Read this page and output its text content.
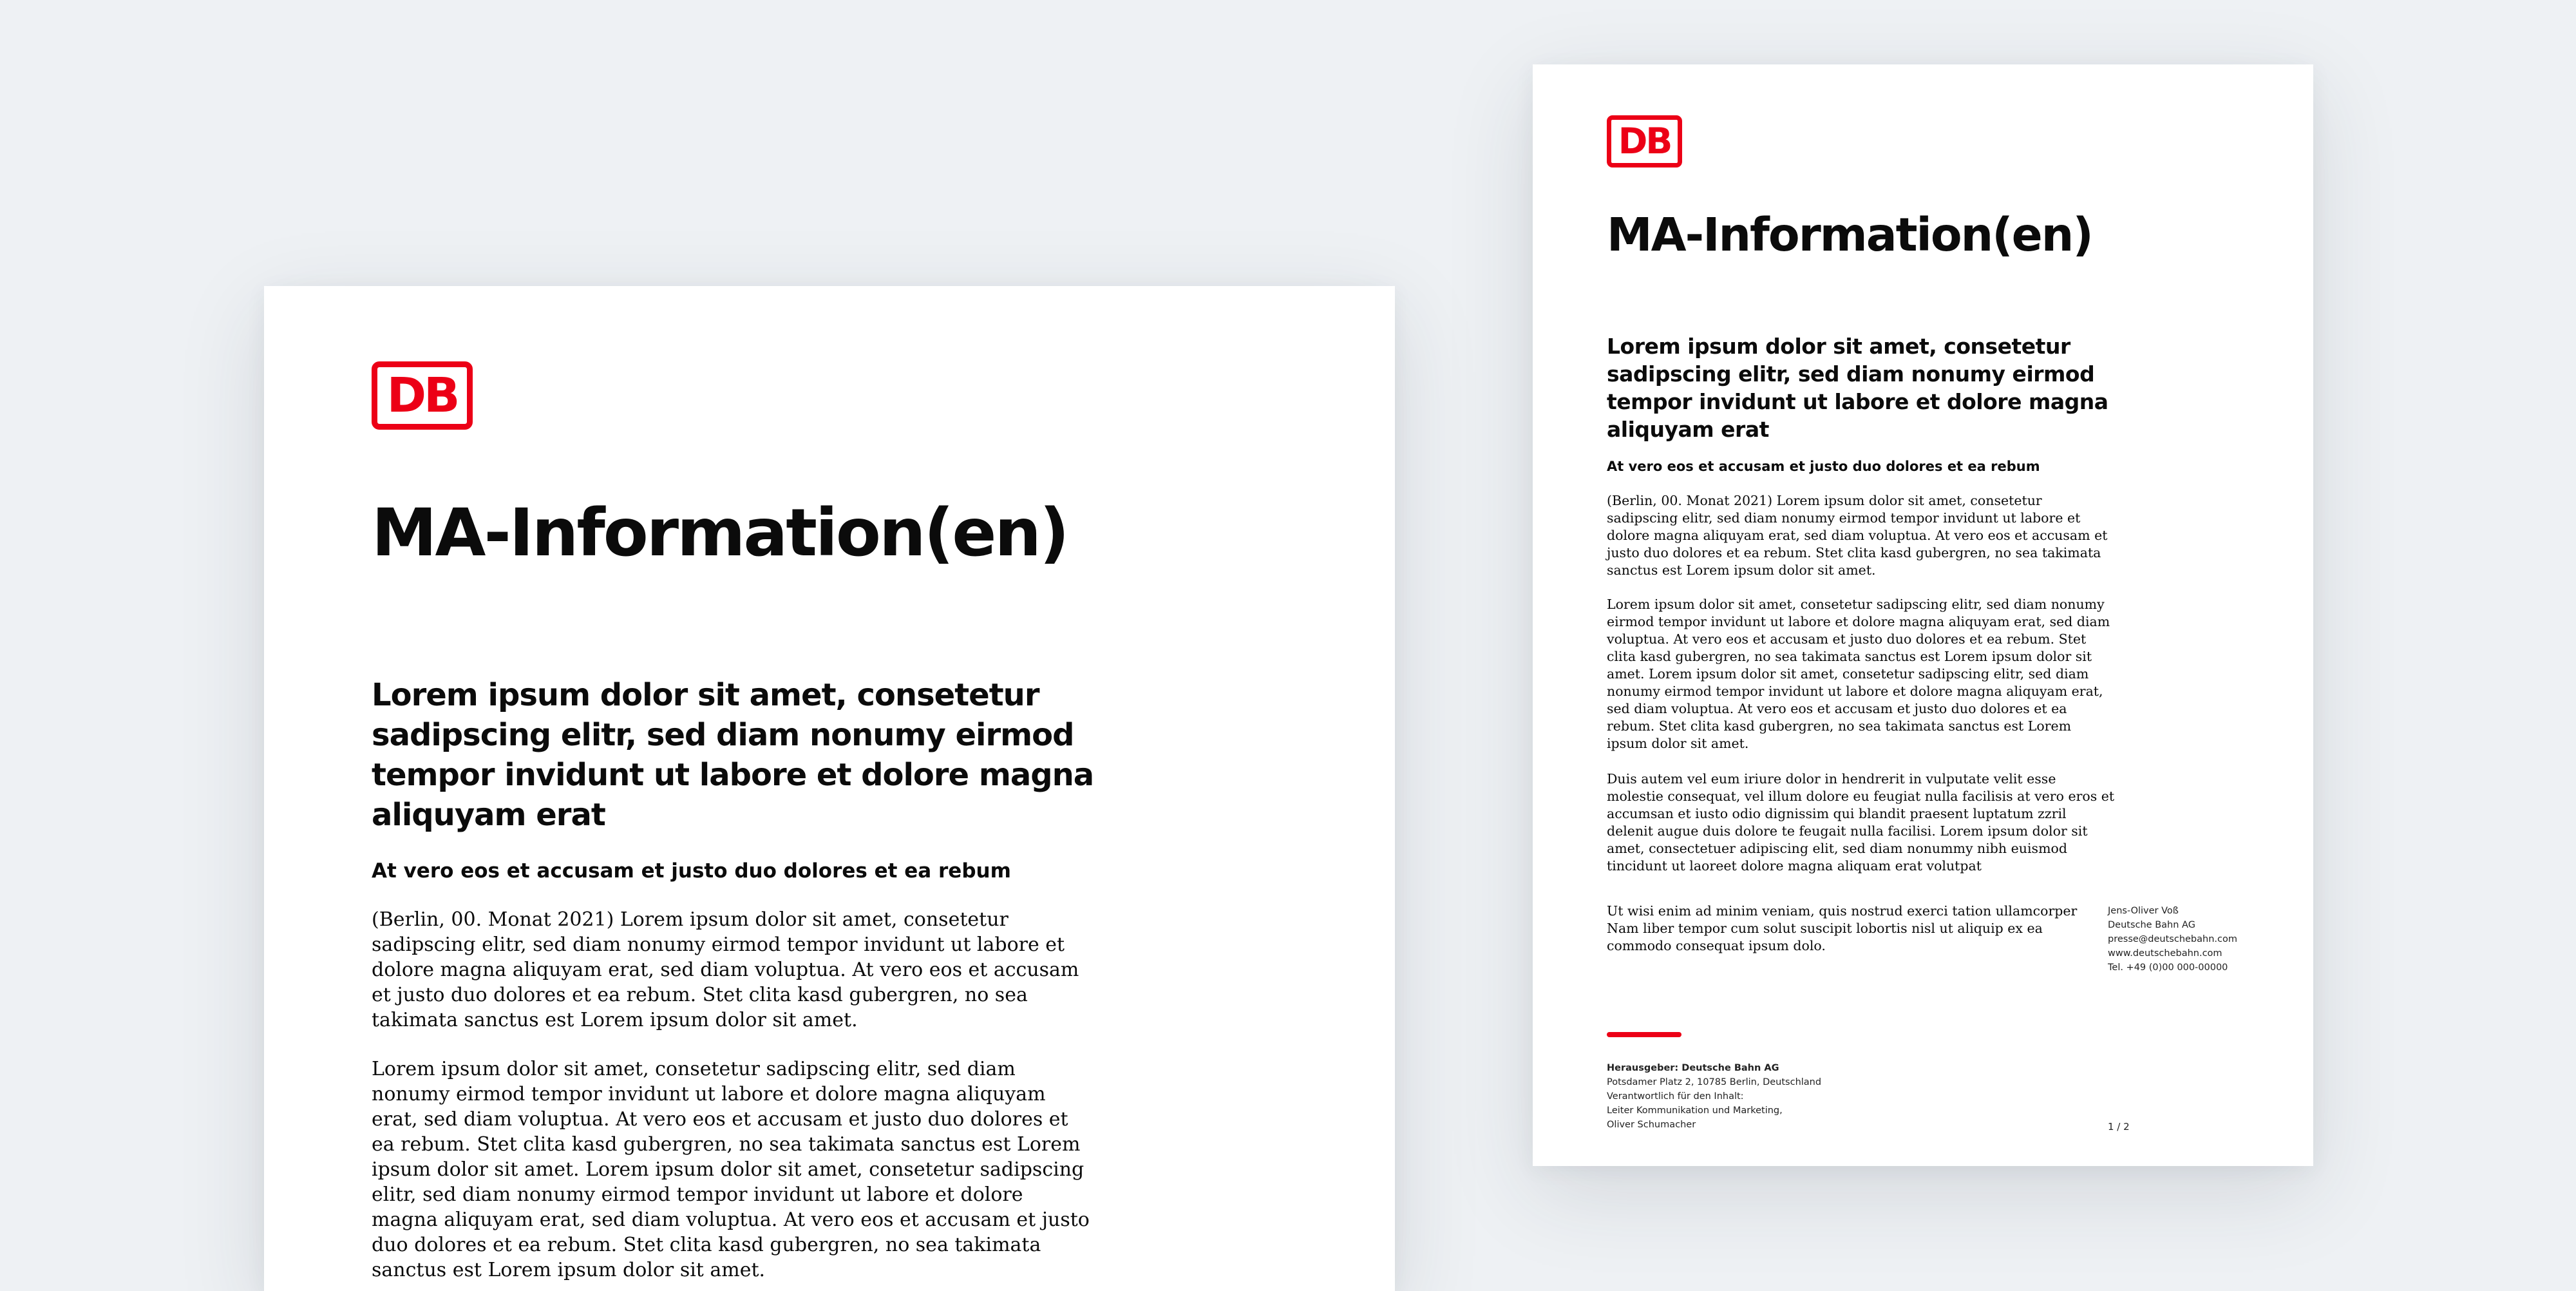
DB
MA-Information(en)
Lorem ipsum dolor sit amet, consetetur sadipscing elitr, sed diam nonumy eirmod tempor invidunt ut labore et dolore magna aliquyam erat
At vero eos et accusam et justo duo dolores et ea rebum

(Berlin, 00. Monat 2021) Lorem ipsum dolor sit amet, consetetur sadipscing elitr, sed diam nonumy eirmod tempor invidunt ut labore et dolore magna aliquyam erat, sed diam voluptua. At vero eos et accusam et justo duo dolores et ea rebum. Stet clita kasd gubergren, no sea takimata sanctus est Lorem ipsum dolor sit amet.

Lorem ipsum dolor sit amet, consetetur sadipscing elitr, sed diam nonumy eirmod tempor invidunt ut labore et dolore magna aliquyam erat, sed diam voluptua. At vero eos et accusam et justo duo dolores et ea rebum. Stet clita kasd gubergren, no sea takimata sanctus est Lorem ipsum dolor sit amet. Lorem ipsum dolor sit amet, consetetur sadipscing elitr, sed diam nonumy eirmod tempor invidunt ut labore et dolore magna aliquyam erat, sed diam voluptua. At vero eos et accusam et justo duo dolores et ea rebum. Stet clita kasd gubergren, no sea takimata sanctus est Lorem ipsum dolor sit amet.

DB
MA-Information(en)
Lorem ipsum dolor sit amet, consetetur sadipscing elitr, sed diam nonumy eirmod tempor invidunt ut labore et dolore magna aliquyam erat
At vero eos et accusam et justo duo dolores et ea rebum

(Berlin, 00. Monat 2021) Lorem ipsum dolor sit amet, consetetur sadipscing elitr, sed diam nonumy eirmod tempor invidunt ut labore et dolore magna aliquyam erat, sed diam voluptua. At vero eos et accusam et justo duo dolores et ea rebum. Stet clita kasd gubergren, no sea takimata sanctus est Lorem ipsum dolor sit amet.

Lorem ipsum dolor sit amet, consetetur sadipscing elitr, sed diam nonumy eirmod tempor invidunt ut labore et dolore magna aliquyam erat, sed diam voluptua. At vero eos et accusam et justo duo dolores et ea rebum. Stet clita kasd gubergren, no sea takimata sanctus est Lorem ipsum dolor sit amet. Lorem ipsum dolor sit amet, consetetur sadipscing elitr, sed diam nonumy eirmod tempor invidunt ut labore et dolore magna aliquyam erat, sed diam voluptua. At vero eos et accusam et justo duo dolores et ea rebum. Stet clita kasd gubergren, no sea takimata sanctus est Lorem ipsum dolor sit amet.

Duis autem vel eum iriure dolor in hendrerit in vulputate velit esse molestie consequat, vel illum dolore eu feugiat nulla facilisis at vero eros et accumsan et iusto odio dignissim qui blandit praesent luptatum zzril delenit augue duis dolore te feugait nulla facilisi. Lorem ipsum dolor sit amet, consectetuer adipiscing elit, sed diam nonummy nibh euismod tincidunt ut laoreet dolore magna aliquam erat volutpat

Ut wisi enim ad minim veniam, quis nostrud exerci tation ullamcorper Nam liber tempor cum solut suscipit lobortis nisl ut aliquip ex ea commodo consequat ipsum dolo.

Jens-Oliver Voß
Deutsche Bahn AG
presse@deutschebahn.com
www.deutschebahn.com
Tel. +49 (0)00 000-00000
Herausgeber: Deutsche Bahn AG
Potsdamer Platz 2, 10785 Berlin, Deutschland
Verantwortlich für den Inhalt:
Leiter Kommunikation und Marketing,
Oliver Schumacher	1 / 2
